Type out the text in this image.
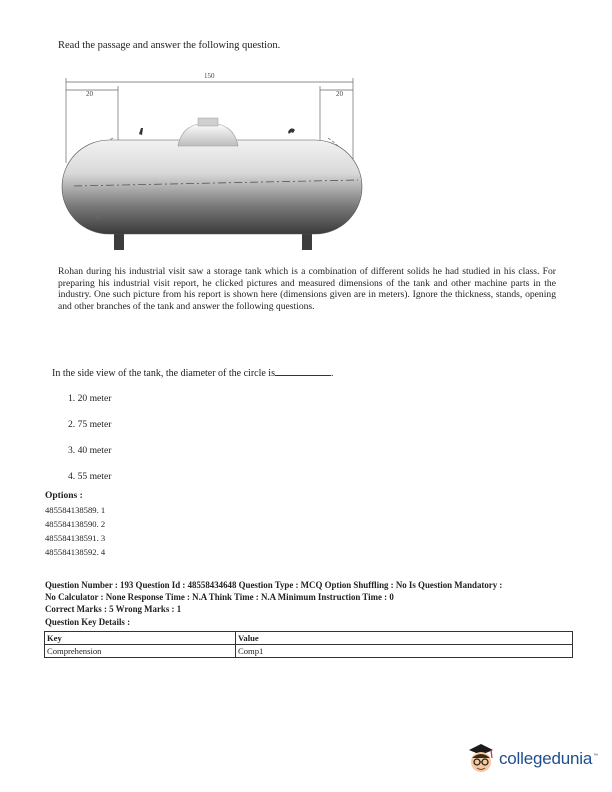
Read the passage and answer the following question.
150
20	20
®
Rohan during his industrial visit saw a storage tank which is a combination of different solids he had studied in his class. For preparing his industrial visit report, he clicked pictures and measured dimensions of the tank and other machine parts in the industry. One such picture from his report is shown here (dimensions given are in meters). Ignore the thickness, stands, opening and other branches of the tank and answer the following questions.
In the side view of the tank, the diameter of the circle is	.
1. 20 meter
2. 75 meter
3. 40 meter
4. 55 meter
Options :
485584138589. 1
485584138590. 2
485584138591. 3
485584138592. 4
Question Number : 193 Question Id : 48558434648 Question Type : MCQ Option Shuffling : No Is Question Mandatory :
No Calculator : None Response Time : N.A Think Time : N.A Minimum Instruction Time : 0
Correct Marks : 5 Wrong Marks : 1
Question Key Details :
Key	Value
Comprehension	Comp1
collegedunia ™
